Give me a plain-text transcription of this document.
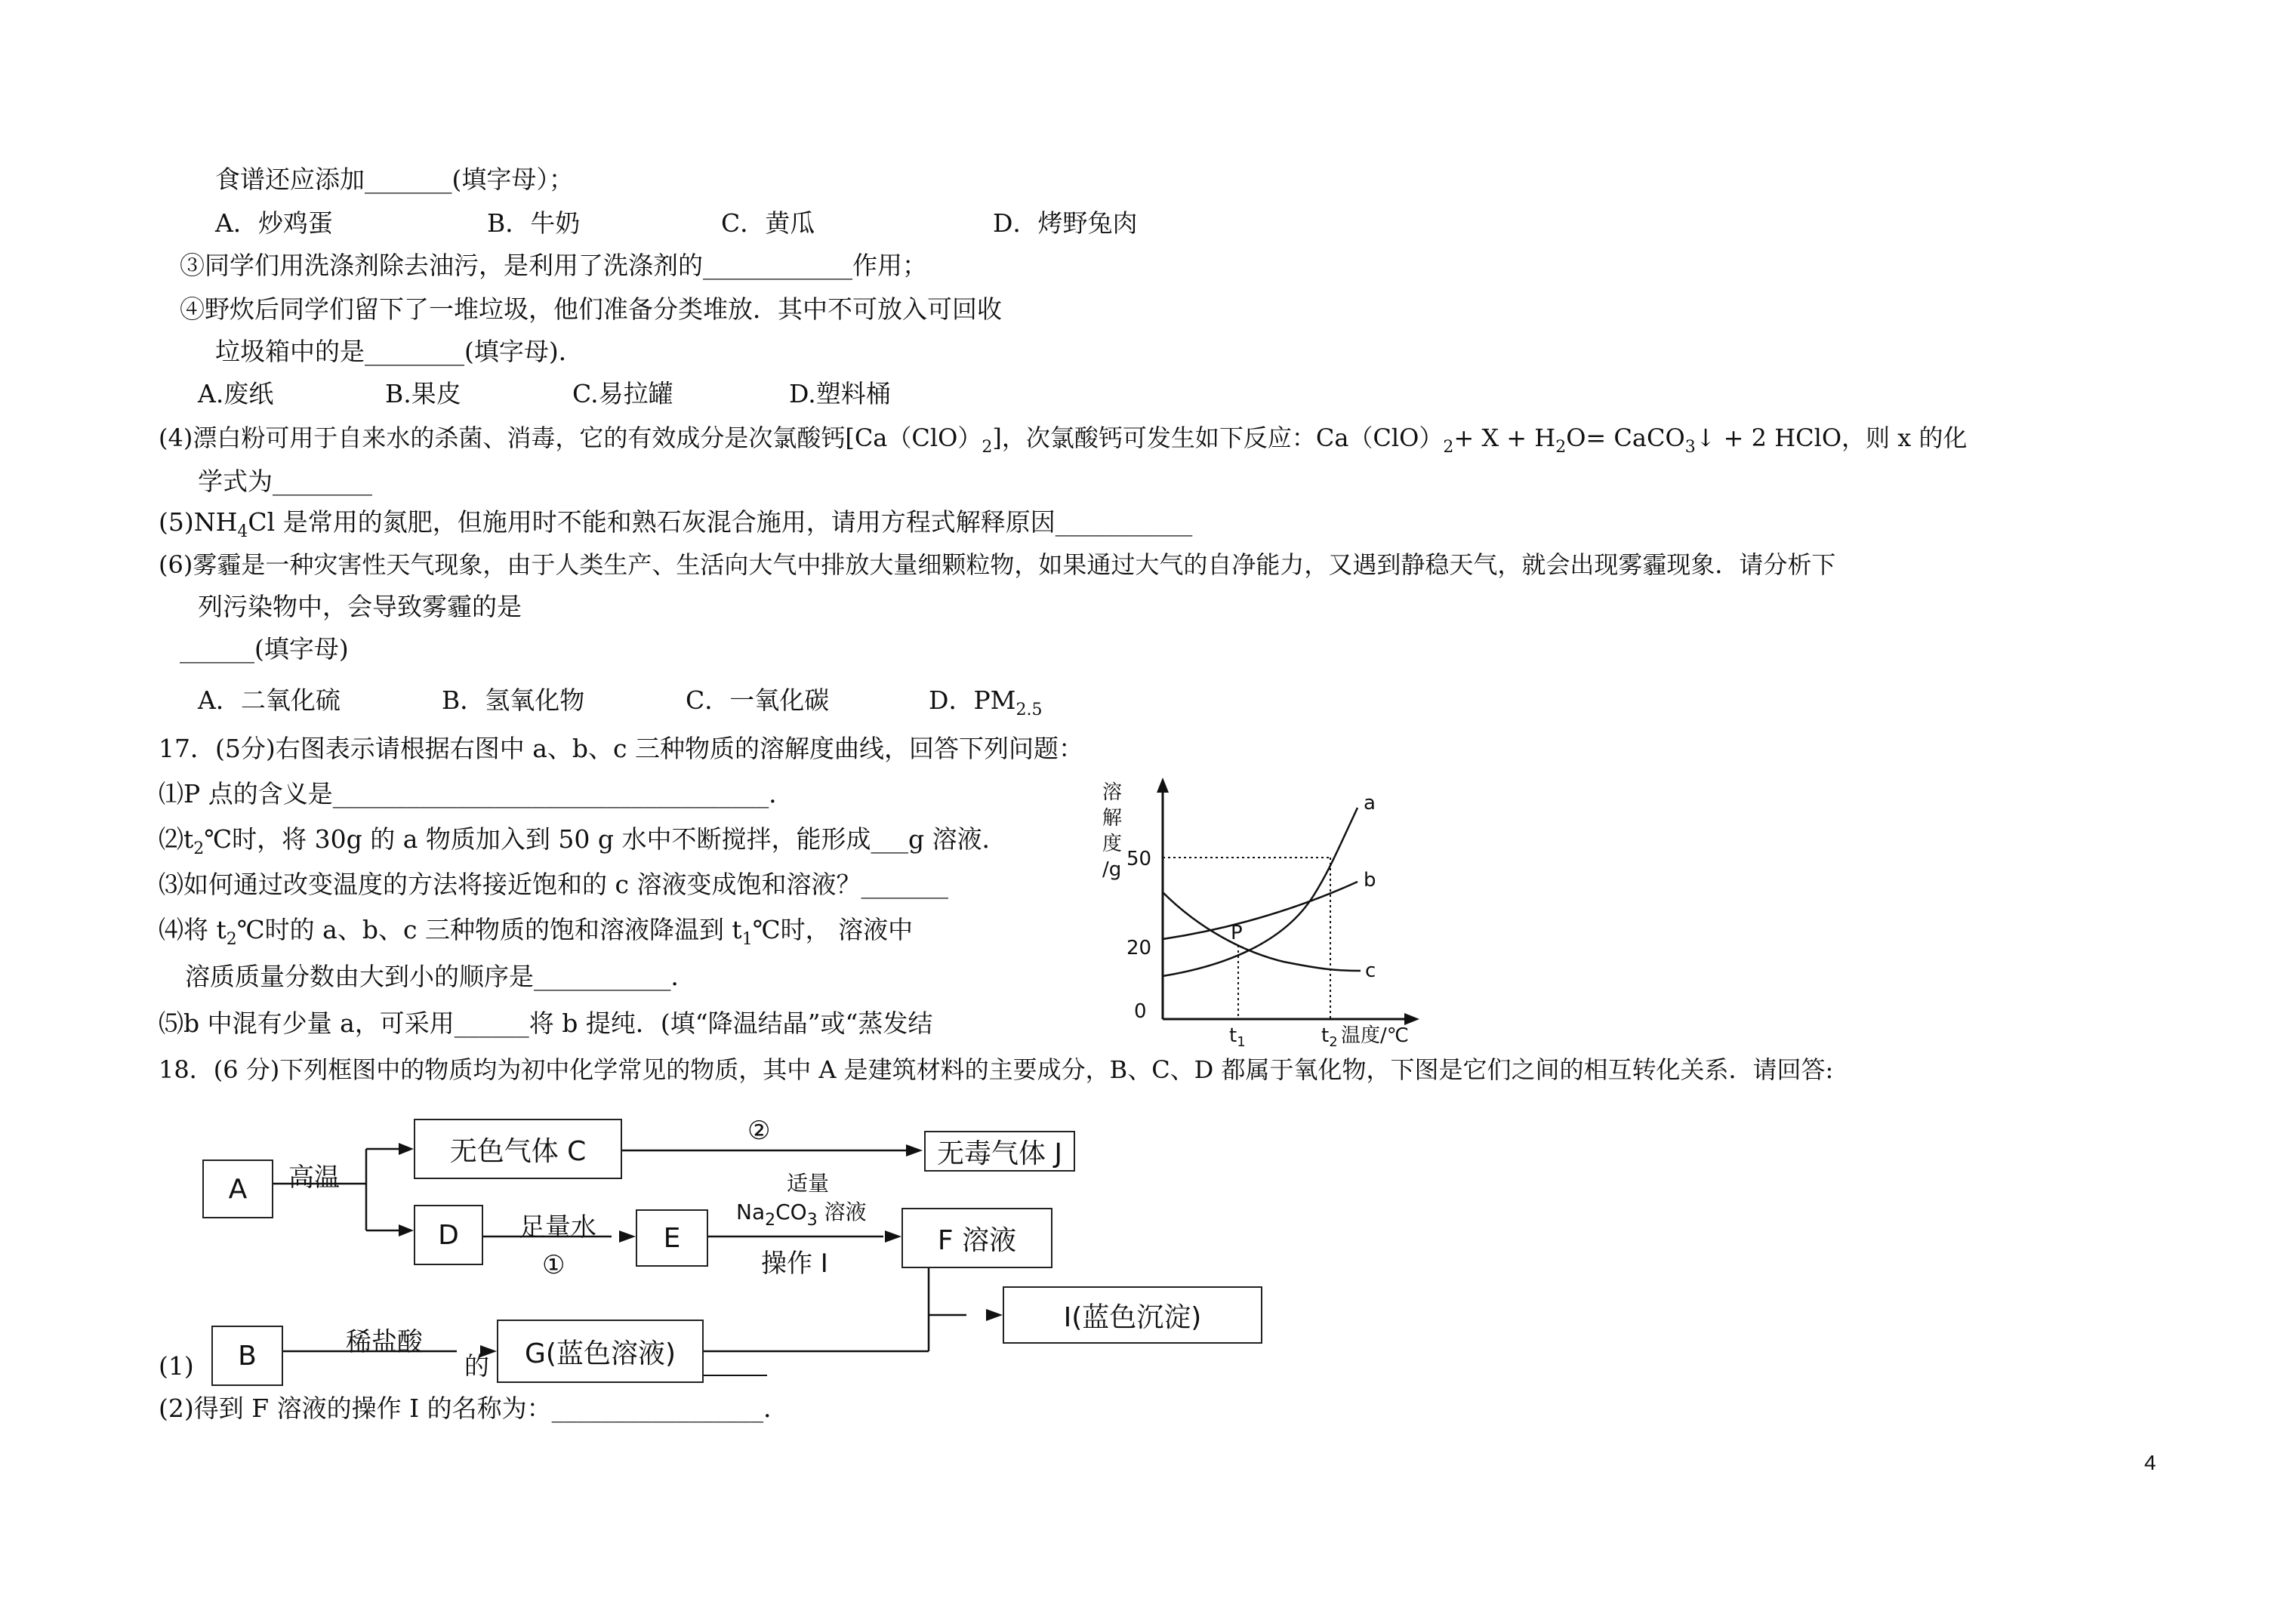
食谱还应添加_______(填字母）；
A．炒鸡蛋	B．牛奶	C．黄瓜	D．烤野兔肉
③同学们用洗涤剂除去油污，是利用了洗涤剂的____________作用；
④野炊后同学们留下了一堆垃圾，他们准备分类堆放．其中不可放入可回收
垃圾箱中的是________(填字母)．
A.废纸	B.果皮	C.易拉罐	D.塑料桶
(4)漂白粉可用于自来水的杀菌、消毒，它的有效成分是次氯酸钙$[Ca(ClO)_2]$，次氯酸钙可发生如下反应：$Ca(ClO)_2+ X + H_2O=$ CaCO$_3$↓ + 2 HClO，则 x 的化
学式为________
$(5)NH_4Cl$ 是常用的氮肥，但施用时不能和熟石灰混合施用，请用方程式解释原因___________
(6)雾霾是一种灾害性天气现象，由于人类生产、生活向大气中排放大量细颗粒物，如果通过大气的自净能力，又遇到静稳天气，就会出现雾霾现象．请分析下
列污染物中，会导致雾霾的是
______(填字母)
A．二氧化硫	B．氢氧化物	C．一氧化碳	D．$PM_{2.5}$
17．(5分)右图表示请根据右图中 a、b、c 三种物质的溶解度曲线，回答下列问题：
⑴P 点的含义是___________________________________．
$⑵t_2℃$时，将 30g 的 a 物质加入到 50 g 水中不断搅拌，能形成___g 溶液．
⑶如何通过改变温度的方法将接近饱和的 c 溶液变成饱和溶液？_______
⑷将 $t_2℃$时的 a、b、c 三种物质的饱和溶液降温到 $t_1℃$时， 溶液中
溶质质量分数由大到小的顺序是___________．
⑸b 中混有少量 a，可采用______将 b 提纯．(填“降温结晶”或“蒸发结
溶
解
度
/g
0
50
20
a
b
c
P
$t_1$	$t_2$ 温度/℃
18．(6 分)下列框图中的物质均为初中化学常见的物质，其中 A 是建筑材料的主要成分，B、C、D 都属于氧化物，下图是它们之间的相互转化关系．请回答:
(1)	的
A
无色气体 C	无毒气体 J
D	E	F 溶液
I(蓝色沉淀)
B	G(蓝色溶液)
高温
②
足量水
①
适量
$Na_2CO_3$ 溶液
操作 I
稀盐酸
(2)得到 F 溶液的操作 I 的名称为：_________________．
4
